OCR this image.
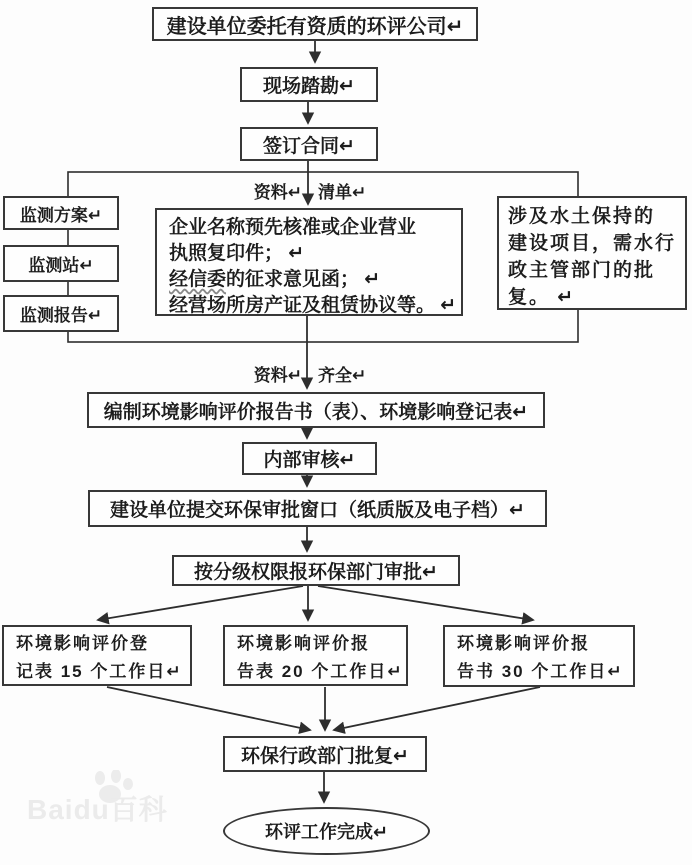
Baidu百科
建设单位委托有资质的环评公司↵
现场踏勘↵
签订合同↵
资料↵ 清单↵
监测方案↵
监测站↵
监测报告↵
企业名称预先核准或企业营业
执照复印件； ↵
经信委的征求意见函； ↵
经营场所房产证及租赁协议等。 ↵
涉及水土保持的
建设项目，需水行
政主管部门的批
复。 ↵
资料↵ 齐全↵
编制环境影响评价报告书（表）、环境影响登记表↵
内部审核↵
建设单位提交环保审批窗口（纸质版及电子档）↵
按分级权限报环保部门审批↵
环境影响评价登
记表 15 个工作日↵
环境影响评价报
告表 20 个工作日↵
环境影响评价报
告书 30 个工作日↵
环保行政部门批复↵
环评工作完成↵
